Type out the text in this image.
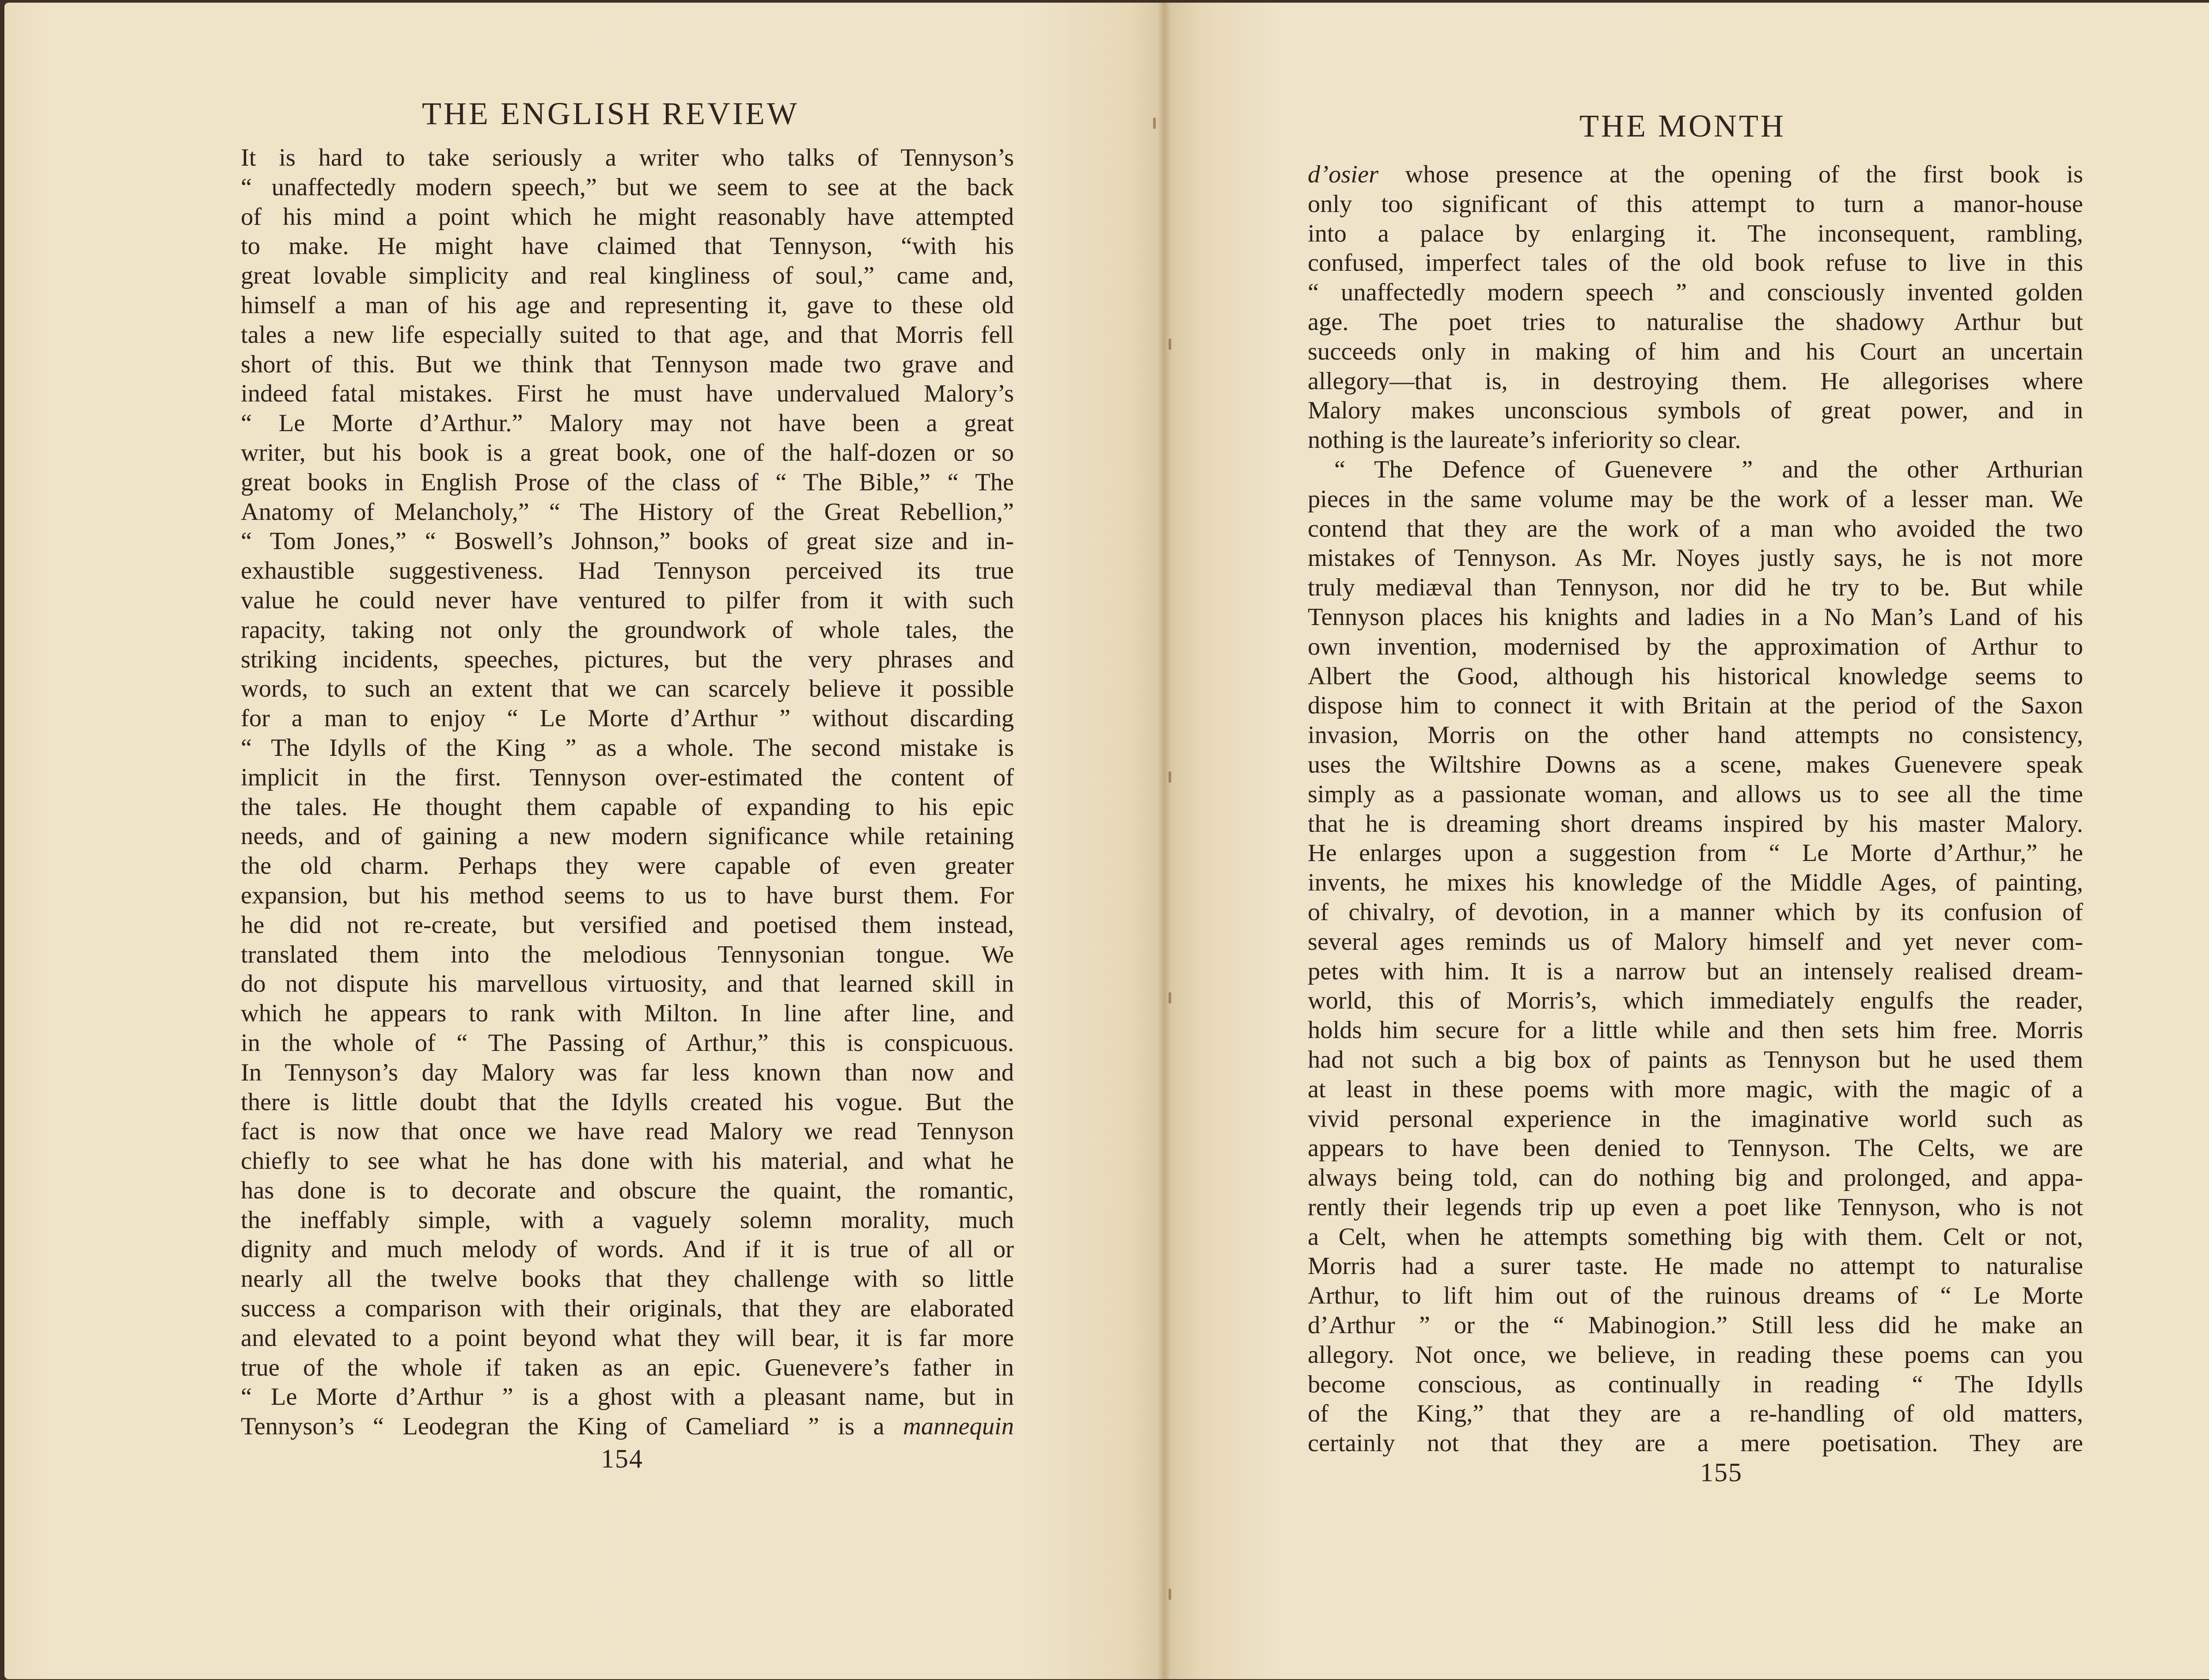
THE ENGLISH REVIEW
It is hard to take seriously a writer who talks of Tennyson’s
“ unaffectedly modern speech,” but we seem to see at the back
of his mind a point which he might reasonably have attempted
to make. He might have claimed that Tennyson, “with his
great lovable simplicity and real kingliness of soul,” came and,
himself a man of his age and representing it, gave to these old
tales a new life especially suited to that age, and that Morris fell
short of this. But we think that Tennyson made two grave and
indeed fatal mistakes. First he must have undervalued Malory’s
“ Le Morte d’Arthur.” Malory may not have been a great
writer, but his book is a great book, one of the half-dozen or so
great books in English Prose of the class of “ The Bible,” “ The
Anatomy of Melancholy,” “ The History of the Great Rebellion,”
“ Tom Jones,” “ Boswell’s Johnson,” books of great size and in-
exhaustible suggestiveness. Had Tennyson perceived its true
value he could never have ventured to pilfer from it with such
rapacity, taking not only the groundwork of whole tales, the
striking incidents, speeches, pictures, but the very phrases and
words, to such an extent that we can scarcely believe it possible
for a man to enjoy “ Le Morte d’Arthur ” without discarding
“ The Idylls of the King ” as a whole. The second mistake is
implicit in the first. Tennyson over-estimated the content of
the tales. He thought them capable of expanding to his epic
needs, and of gaining a new modern significance while retaining
the old charm. Perhaps they were capable of even greater
expansion, but his method seems to us to have burst them. For
he did not re-create, but versified and poetised them instead,
translated them into the melodious Tennysonian tongue. We
do not dispute his marvellous virtuosity, and that learned skill in
which he appears to rank with Milton. In line after line, and
in the whole of “ The Passing of Arthur,” this is conspicuous.
In Tennyson’s day Malory was far less known than now and
there is little doubt that the Idylls created his vogue. But the
fact is now that once we have read Malory we read Tennyson
chiefly to see what he has done with his material, and what he
has done is to decorate and obscure the quaint, the romantic,
the ineffably simple, with a vaguely solemn morality, much
dignity and much melody of words. And if it is true of all or
nearly all the twelve books that they challenge with so little
success a comparison with their originals, that they are elaborated
and elevated to a point beyond what they will bear, it is far more
true of the whole if taken as an epic. Guenevere’s father in
“ Le Morte d’Arthur ” is a ghost with a pleasant name, but in
Tennyson’s “ Leodegran the King of Cameliard ” is a mannequin
154
THE MONTH
d’osier whose presence at the opening of the first book is
only too significant of this attempt to turn a manor-house
into a palace by enlarging it. The inconsequent, rambling,
confused, imperfect tales of the old book refuse to live in this
“ unaffectedly modern speech ” and consciously invented golden
age. The poet tries to naturalise the shadowy Arthur but
succeeds only in making of him and his Court an uncertain
allegory—that is, in destroying them. He allegorises where
Malory makes unconscious symbols of great power, and in
nothing is the laureate’s inferiority so clear.
“ The Defence of Guenevere ” and the other Arthurian
pieces in the same volume may be the work of a lesser man. We
contend that they are the work of a man who avoided the two
mistakes of Tennyson. As Mr. Noyes justly says, he is not more
truly mediæval than Tennyson, nor did he try to be. But while
Tennyson places his knights and ladies in a No Man’s Land of his
own invention, modernised by the approximation of Arthur to
Albert the Good, although his historical knowledge seems to
dispose him to connect it with Britain at the period of the Saxon
invasion, Morris on the other hand attempts no consistency,
uses the Wiltshire Downs as a scene, makes Guenevere speak
simply as a passionate woman, and allows us to see all the time
that he is dreaming short dreams inspired by his master Malory.
He enlarges upon a suggestion from “ Le Morte d’Arthur,” he
invents, he mixes his knowledge of the Middle Ages, of painting,
of chivalry, of devotion, in a manner which by its confusion of
several ages reminds us of Malory himself and yet never com-
petes with him. It is a narrow but an intensely realised dream-
world, this of Morris’s, which immediately engulfs the reader,
holds him secure for a little while and then sets him free. Morris
had not such a big box of paints as Tennyson but he used them
at least in these poems with more magic, with the magic of a
vivid personal experience in the imaginative world such as
appears to have been denied to Tennyson. The Celts, we are
always being told, can do nothing big and prolonged, and appa-
rently their legends trip up even a poet like Tennyson, who is not
a Celt, when he attempts something big with them. Celt or not,
Morris had a surer taste. He made no attempt to naturalise
Arthur, to lift him out of the ruinous dreams of “ Le Morte
d’Arthur ” or the “ Mabinogion.” Still less did he make an
allegory. Not once, we believe, in reading these poems can you
become conscious, as continually in reading “ The Idylls
of the King,” that they are a re-handling of old matters,
certainly not that they are a mere poetisation. They are
155
